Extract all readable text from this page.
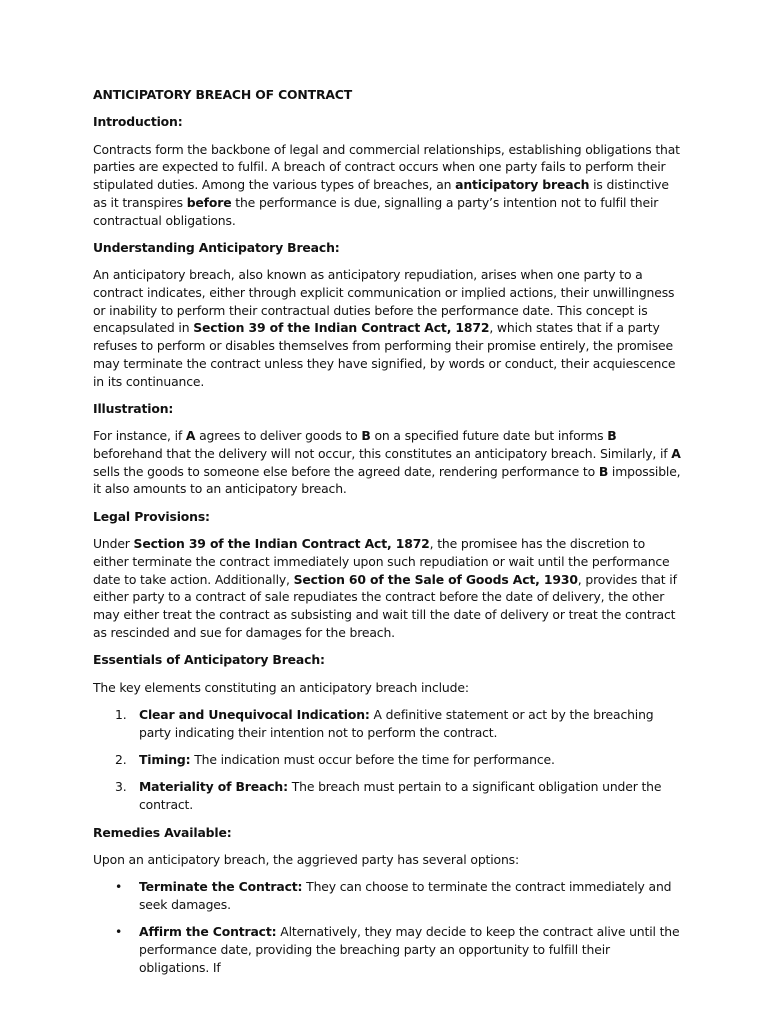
ANTICIPATORY BREACH OF CONTRACT
Introduction:
Contracts form the backbone of legal and commercial relationships, establishing obligations that parties are expected to fulfil. A breach of contract occurs when one party fails to perform their stipulated duties. Among the various types of breaches, an anticipatory breach is distinctive as it transpires before the performance is due, signalling a party’s intention not to fulfil their contractual obligations.
Understanding Anticipatory Breach:
An anticipatory breach, also known as anticipatory repudiation, arises when one party to a contract indicates, either through explicit communication or implied actions, their unwillingness or inability to perform their contractual duties before the performance date. This concept is encapsulated in Section 39 of the Indian Contract Act, 1872, which states that if a party refuses to perform or disables themselves from performing their promise entirely, the promisee may terminate the contract unless they have signified, by words or conduct, their acquiescence in its continuance.
Illustration:
For instance, if A agrees to deliver goods to B on a specified future date but informs B beforehand that the delivery will not occur, this constitutes an anticipatory breach. Similarly, if A sells the goods to someone else before the agreed date, rendering performance to B impossible, it also amounts to an anticipatory breach.
Legal Provisions:
Under Section 39 of the Indian Contract Act, 1872, the promisee has the discretion to either terminate the contract immediately upon such repudiation or wait until the performance date to take action. Additionally, Section 60 of the Sale of Goods Act, 1930, provides that if either party to a contract of sale repudiates the contract before the date of delivery, the other may either treat the contract as subsisting and wait till the date of delivery or treat the contract as rescinded and sue for damages for the breach.
Essentials of Anticipatory Breach:
The key elements constituting an anticipatory breach include:
1. Clear and Unequivocal Indication: A definitive statement or act by the breaching party indicating their intention not to perform the contract.
2. Timing: The indication must occur before the time for performance.
3. Materiality of Breach: The breach must pertain to a significant obligation under the contract.
Remedies Available:
Upon an anticipatory breach, the aggrieved party has several options:
• Terminate the Contract: They can choose to terminate the contract immediately and seek damages.
• Affirm the Contract: Alternatively, they may decide to keep the contract alive until the performance date, providing the breaching party an opportunity to fulfill their obligations. If
